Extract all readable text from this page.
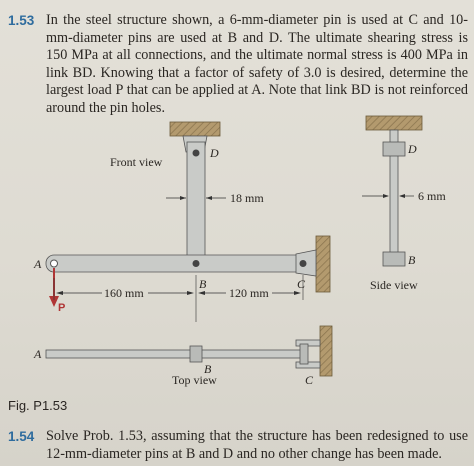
1.53 In the steel structure shown, a 6-mm-diameter pin is used at C and 10-mm-diameter pins are used at B and D. The ultimate shearing stress is 150 MPa at all connections, and the ultimate normal stress is 400 MPa in link BD. Knowing that a factor of safety of 3.0 is desired, determine the largest load P that can be applied at A. Note that link BD is not reinforced around the pin holes.
Front view
D
18 mm
A
B	C
P
160 mm	120 mm
D
6 mm
B
Side view
A
B
Top view	C
Fig. P1.53
1.54 Solve Prob. 1.53, assuming that the structure has been redesigned to use 12-mm-diameter pins at B and D and no other change has been made.
